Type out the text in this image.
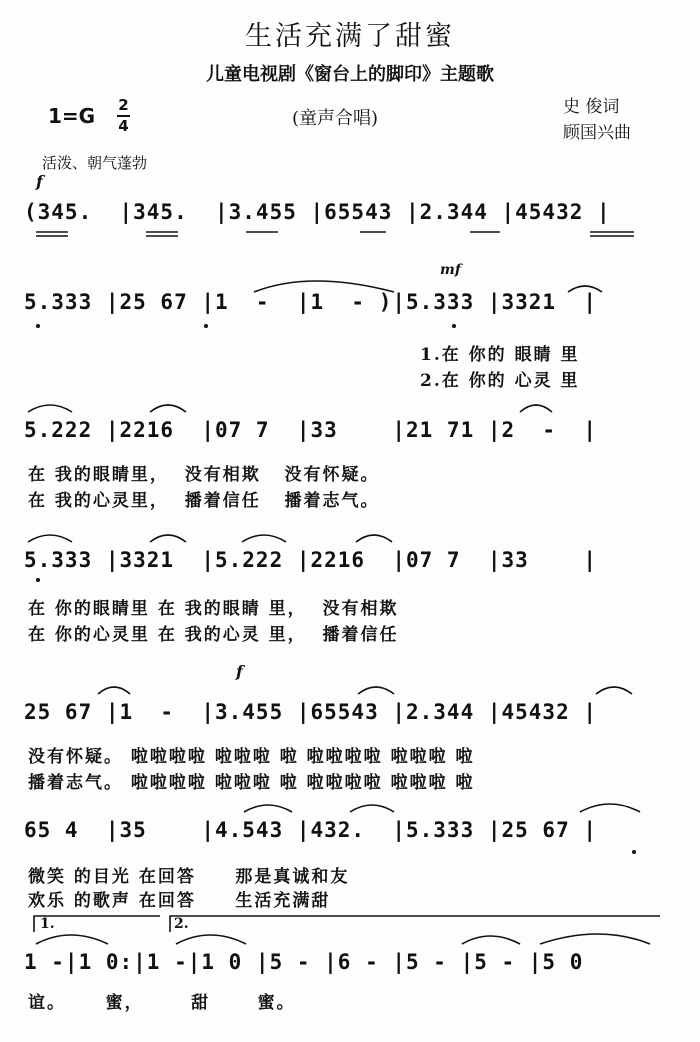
生活充满了甜蜜
儿童电视剧《窗台上的脚印》主题歌
1=G 2
4	(童声合唱)
史 俊词
顾国兴曲
活泼、朝气蓬勃
f
mf
f
(345.  |345.  |3.455 |65543 |2.344 |45432 |
5.333 |25 67 |1  -  |1  - )|5.333 |3321  |
1.在 你的 眼睛 里
2.在 你的 心灵 里
5.222 |2216  |07 7  |33    |21 71 |2  -  |
在 我的眼睛里，  没有相欺   没有怀疑。
在 我的心灵里，  播着信任   播着志气。
5.333 |3321  |5.222 |2216  |07 7  |33    |
在 你的眼睛里 在 我的眼睛 里，  没有相欺
在 你的心灵里 在 我的心灵 里，  播着信任
25 67 |1  -  |3.455 |65543 |2.344 |45432 |
没有怀疑。 啦啦啦啦 啦啦啦 啦 啦啦啦啦 啦啦啦 啦
播着志气。 啦啦啦啦 啦啦啦 啦 啦啦啦啦 啦啦啦 啦
65 4  |35    |4.543 |432.  |5.333 |25 67 |
微笑 的目光 在回答     那是真诚和友
欢乐 的歌声 在回答     生活充满甜
1.	2.
1 -|1 0:|1 -|1 0 |5 - |6 - |5 - |5 - |5 0
谊。     蜜，      甜      蜜。
